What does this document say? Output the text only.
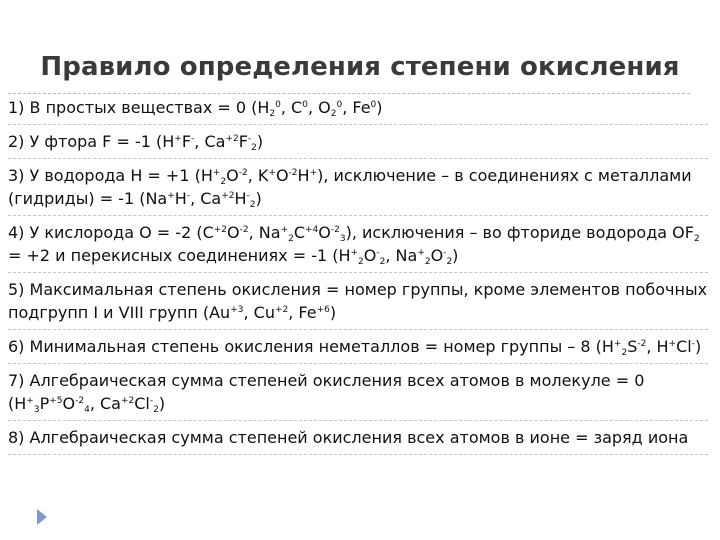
Правило определения степени окисления
1) В простых веществах = 0 ($H_2^0$, $C^0$, $O_2^0$, Fe$^0$)
2) У фтора F = -1 (H+F-, $Ca^{+2}F^-_2$)
3) У водорода H = +1 ($H^+_2O^{-2}$, $K^+O^{-2}H^+$), исключение – в соединениях с металлами (гидриды) = -1 (Na+H-, $Ca^{+2}H^-_2$)
4) У кислорода O = -2 ($C^{+2}O^{-2}$, $Na^+_2C^{+4}O^{-2}_3$), исключения – во фториде водорода $OF_2 = +2$ и перекисных соединениях = -1 ($H^+_2O^-_2$, $Na^+_2O^-_2$)
5) Максимальная степень окисления = номер группы, кроме элементов побочных подгрупп I и VIII групп ($Au^{+3}$, $Cu^{+2}$, $Fe^{+6}$)
6) Минимальная степень окисления неметаллов = номер группы – 8 ($H^+_2S^{-2}$, H+Cl-)
7) Алгебраическая сумма степеней окисления всех атомов в молекуле = 0 ($H^+_3P^{+5}O^{-2}_4$, $Ca^{+2}Cl^-_2$)
8) Алгебраическая сумма степеней окисления всех атомов в ионе = заряд иона
